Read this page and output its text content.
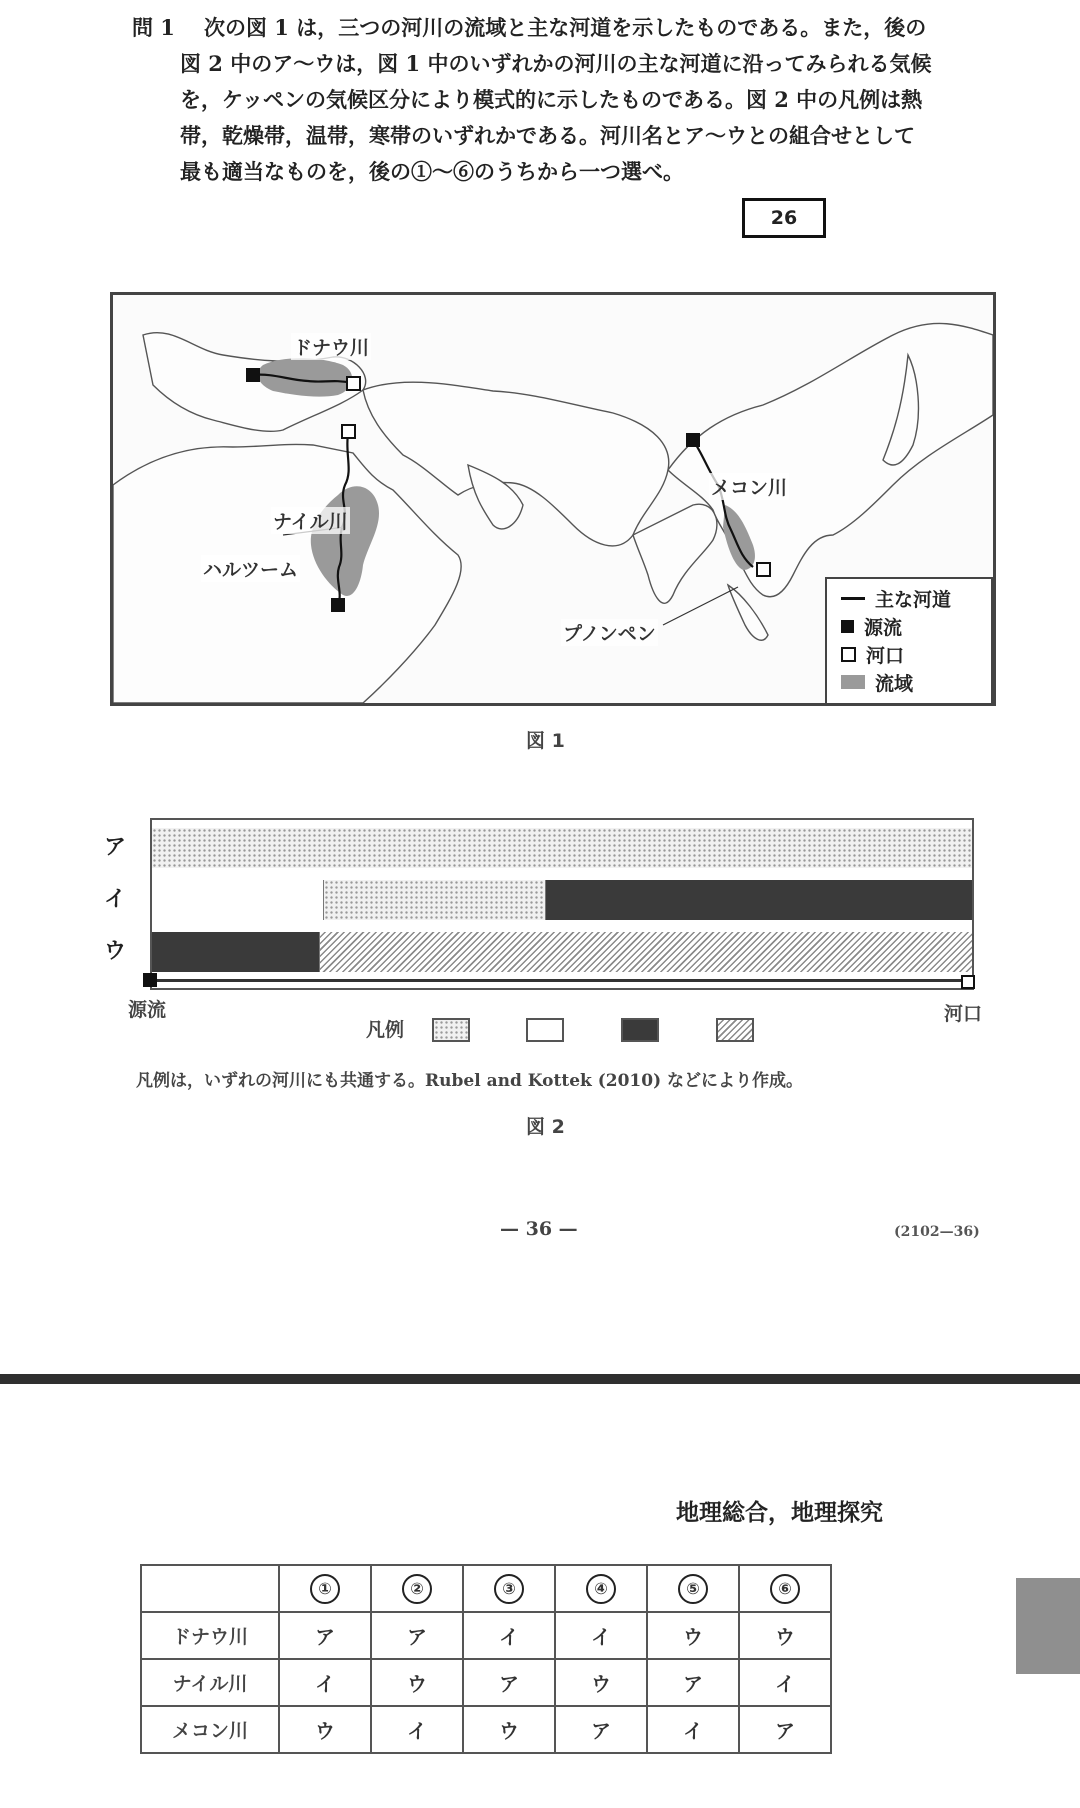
問 1	次の図 1 は，三つの河川の流域と主な河道を示したものである。また，後の
図 2 中のア～ウは，図 1 中のいずれかの河川の主な河道に沿ってみられる気候
を，ケッペンの気候区分により模式的に示したものである。図 2 中の凡例は熱
帯，乾燥帯，温帯，寒帯のいずれかである。河川名とア～ウとの組合せとして
最も適当なものを，後の①～⑥のうちから一つ選べ。
26
ドナウ川
ナイル川
ハルツーム
メコン川
プノンペン
主な河道
源流
河口
流域
図 1
ア
イ
ウ
源流	河口
凡例
凡例は，いずれの河川にも共通する。Rubel and Kottek (2010) などにより作成。
図 2
— 36 —	(2102—36)
地理総合，地理探究
	①	②	③	④	⑤	⑥
ドナウ川	ア	ア	イ	イ	ウ	ウ
ナイル川	イ	ウ	ア	ウ	ア	イ
メコン川	ウ	イ	ウ	ア	イ	ア
